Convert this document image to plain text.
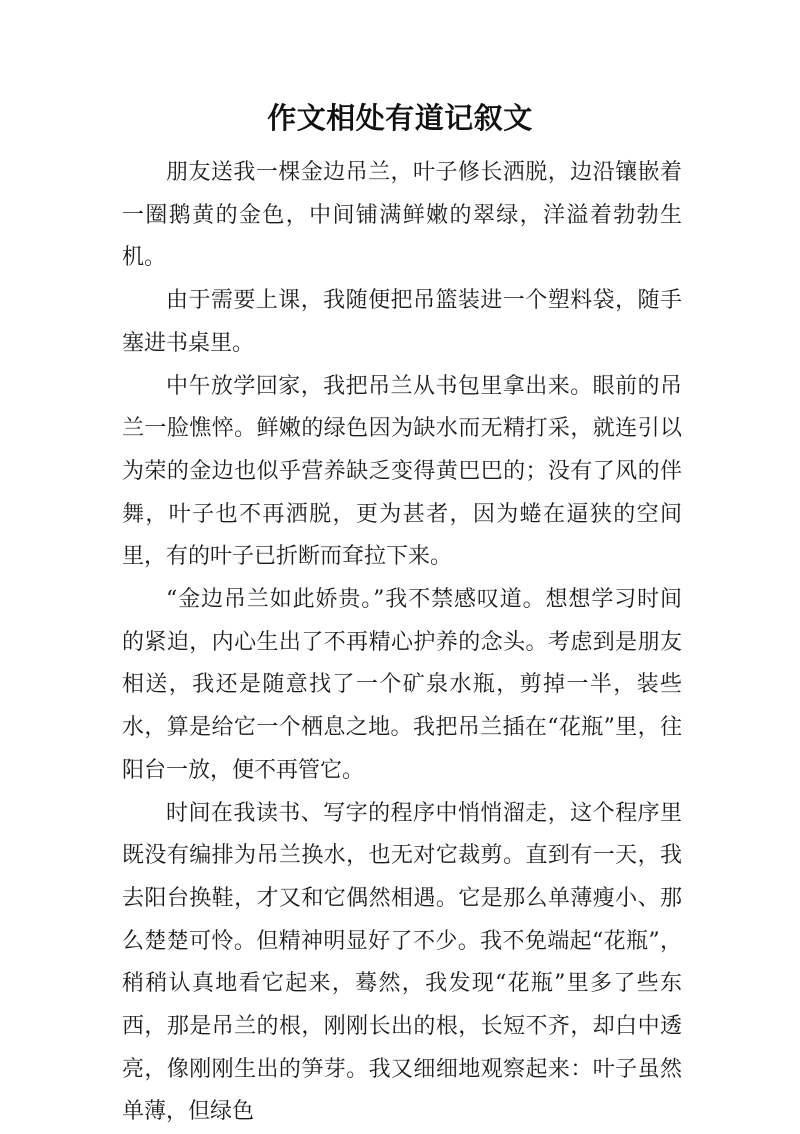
作文相处有道记叙文

朋友送我一棵金边吊兰，叶子修长洒脱，边沿镶嵌着一圈鹅黄的金色，中间铺满鲜嫩的翠绿，洋溢着勃勃生机。

由于需要上课，我随便把吊篮装进一个塑料袋，随手塞进书桌里。

中午放学回家，我把吊兰从书包里拿出来。眼前的吊兰一脸憔悴。鲜嫩的绿色因为缺水而无精打采，就连引以为荣的金边也似乎营养缺乏变得黄巴巴的；没有了风的伴舞，叶子也不再洒脱，更为甚者，因为蜷在逼狭的空间里，有的叶子已折断而耷拉下来。

“金边吊兰如此娇贵。”我不禁感叹道。想想学习时间的紧迫，内心生出了不再精心护养的念头。考虑到是朋友相送，我还是随意找了一个矿泉水瓶，剪掉一半，装些水，算是给它一个栖息之地。我把吊兰插在“花瓶”里，往阳台一放，便不再管它。

时间在我读书、写字的程序中悄悄溜走，这个程序里既没有编排为吊兰换水，也无对它裁剪。直到有一天，我去阳台换鞋，才又和它偶然相遇。它是那么单薄瘦小、那么楚楚可怜。但精神明显好了不少。我不免端起“花瓶”，稍稍认真地看它起来，蓦然，我发现“花瓶”里多了些东西，那是吊兰的根，刚刚长出的根，长短不齐，却白中透亮，像刚刚生出的笋芽。我又细细地观察起来：叶子虽然单薄，但绿色
